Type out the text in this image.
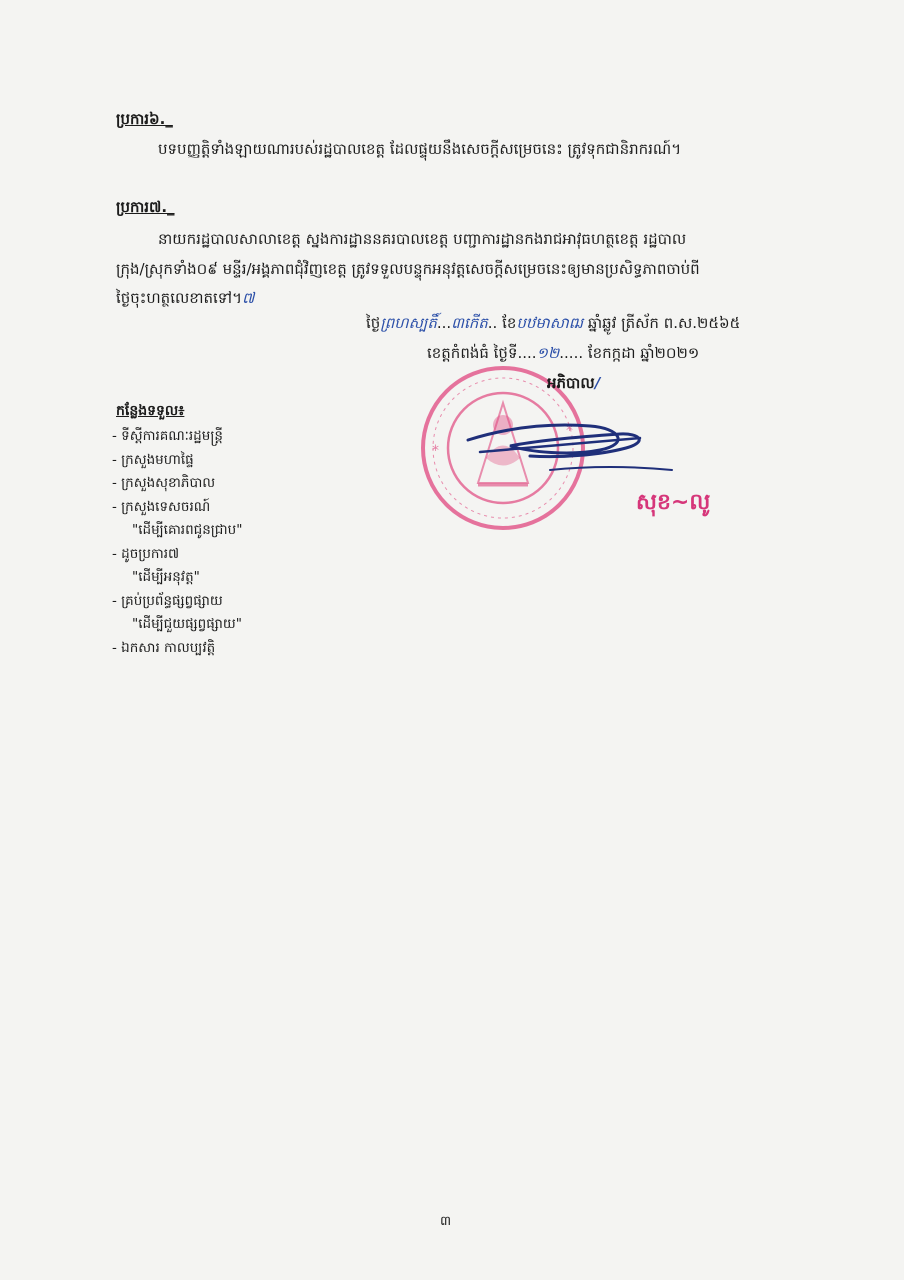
ប្រការ៦._

បទបញ្ញត្តិទាំងឡាយណារបស់រដ្ឋបាលខេត្ត ដែលផ្ទុយនឹងសេចក្ដីសម្រេចនេះ ត្រូវទុកជានិរាករណ៍។

ប្រការ៧._
នាយករដ្ឋបាលសាលាខេត្ត ស្នងការដ្ឋាននគរបាលខេត្ត បញ្ជាការដ្ឋានកងរាជអាវុធហត្ថខេត្ត រដ្ឋបាល
ក្រុង/ស្រុកទាំង០៩ មន្ទីរ/អង្គភាពជុំវិញខេត្ត ត្រូវទទួលបន្ទុកអនុវត្តសេចក្តីសម្រេចនេះឲ្យមានប្រសិទ្ធភាពចាប់ពី
ថ្ងៃចុះហត្ថលេខាតទៅ។៧
ថ្ងៃព្រហស្បតិ៍...៣កើត.. ខែបឋមាសាឍ ឆ្នាំឆ្លូវ ត្រីស័ក ព.ស.២៥៦៥
ខេត្តកំពង់ធំ ថ្ងៃទី....១២..... ខែកក្កដា ឆ្នាំ២០២១
*
*
អភិបាល/
សុខ~លូ
កន្លែងទទួល៖
- ទីស្តីការគណៈរដ្ឋមន្ត្រី
- ក្រសួងមហាផ្ទៃ
- ក្រសួងសុខាភិបាល
- ក្រសួងទេសចរណ៍
"ដើម្បីគោរពជូនជ្រាប"
- ដូចប្រការ៧
"ដើម្បីអនុវត្ត"
- គ្រប់ប្រព័ន្ធផ្សព្វផ្សាយ
"ដើម្បីជួយផ្សព្វផ្សាយ"
- ឯកសារ កាលប្បវត្តិ
៣
